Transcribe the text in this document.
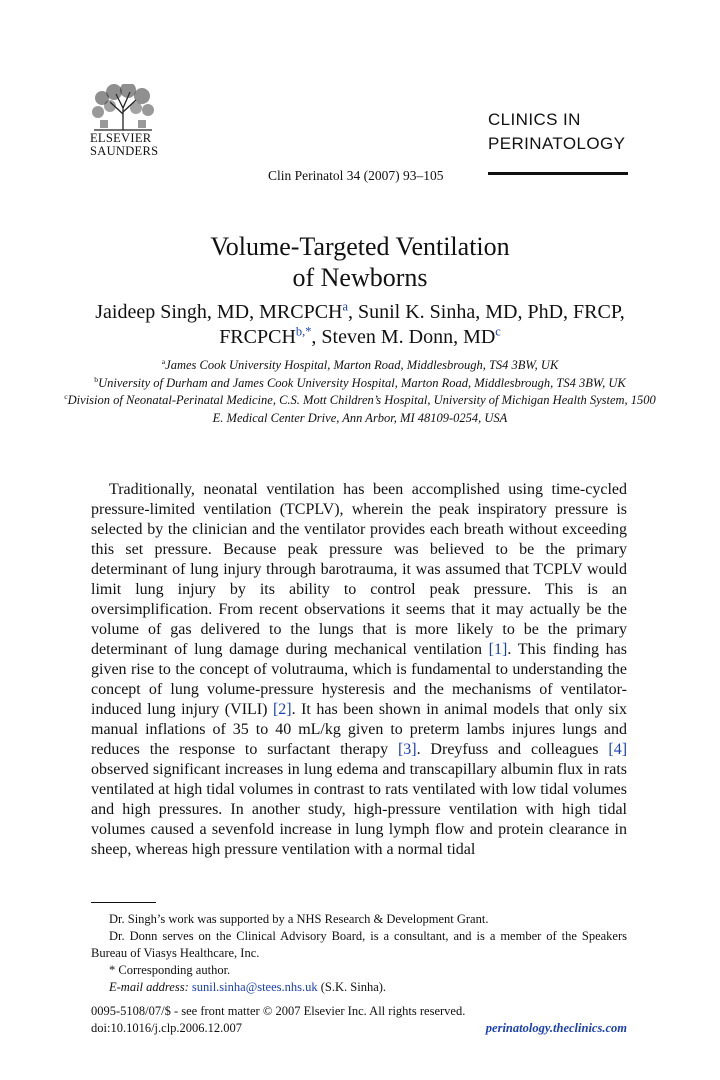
ELSEVIER
SAUNDERS
CLINICS IN
PERINATOLOGY
Clin Perinatol 34 (2007) 93–105
Volume-Targeted Ventilation
of Newborns
Jaideep Singh, MD, MRCPCH$^a$, Sunil K. Sinha, MD, PhD, FRCP, $FRCPCH^{b,*}$, Steven M. Donn, $MD^c$
$^a$James Cook University Hospital, Marton Road, Middlesbrough, TS4 3BW, UK
$^b$University of Durham and James Cook University Hospital, Marton Road, Middlesbrough, TS4 3BW, UK
$^c$Division of Neonatal-Perinatal Medicine, C.S. Mott Children’s Hospital, University of Michigan Health System, 1500 E. Medical Center Drive, Ann Arbor, MI 48109-0254, USA

Traditionally, neonatal ventilation has been accomplished using time-cycled pressure-limited ventilation (TCPLV), wherein the peak inspiratory pressure is selected by the clinician and the ventilator provides each breath without exceeding this set pressure. Because peak pressure was believed to be the primary determinant of lung injury through barotrauma, it was assumed that TCPLV would limit lung injury by its ability to control peak pressure. This is an oversimplification. From recent observations it seems that it may actually be the volume of gas delivered to the lungs that is more likely to be the primary determinant of lung damage during mechanical ventilation [1]. This finding has given rise to the concept of volutrauma, which is fundamental to understanding the concept of lung volume-pressure hysteresis and the mechanisms of ventilator-induced lung injury (VILI) [2]. It has been shown in animal models that only six manual inflations of 35 to 40 mL/kg given to preterm lambs injures lungs and reduces the response to surfactant therapy [3]. Dreyfuss and colleagues [4] observed significant increases in lung edema and transcapillary albumin flux in rats ventilated at high tidal volumes in contrast to rats ventilated with low tidal volumes and high pressures. In another study, high-pressure ventilation with high tidal volumes caused a sevenfold increase in lung lymph flow and protein clearance in sheep, whereas high pressure ventilation with a normal tidal

Dr. Singh’s work was supported by a NHS Research & Development Grant.

Dr. Donn serves on the Clinical Advisory Board, is a consultant, and is a member of the Speakers Bureau of Viasys Healthcare, Inc.

* Corresponding author.

E-mail address: sunil.sinha@stees.nhs.uk (S.K. Sinha).

0095-5108/07/$ - see front matter © 2007 Elsevier Inc. All rights reserved.
doi:10.1016/j.clp.2006.12.007	perinatology.theclinics.com
